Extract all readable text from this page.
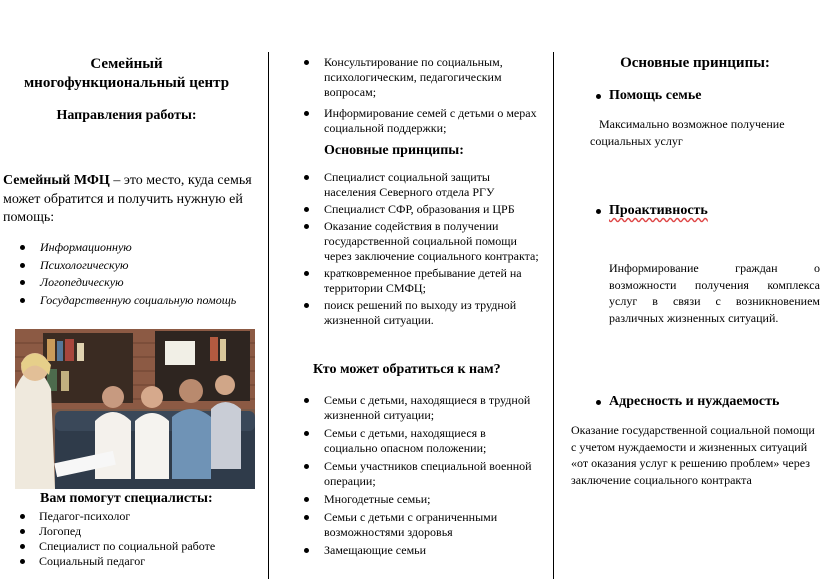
Семейный
многофункциональный центр
Направления работы:
Семейный МФЦ – это место, куда семья может обратится и получить нужную ей помощь:
Информационную
Психологическую
Логопедическую
Государственную социальную помощь
Вам помогут специалисты:
Педагог-психолог
Логопед
Специалист по социальной работе
Социальный педагог
Консультирование по социальным, психологическим, педагогическим вопросам;
Информирование семей с детьми о мерах социальной поддержки;
Основные принципы:
Специалист социальной защиты населения Северного отдела РГУ
Специалист СФР, образования и ЦРБ
Оказание содействия в получении государственной социальной помощи через заключение социального контракта;
кратковременное пребывание детей на территории СМФЦ;
поиск решений по выходу из трудной жизненной ситуации.
Кто может обратиться к нам?
Семьи с детьми, находящиеся в трудной жизненной ситуации;
Семьи с детьми, находящиеся в социально опасном положении;
Семьи участников специальной военной операции;
Многодетные семьи;
Семьи с детьми с ограниченными возможностями здоровья
Замещающие семьи
Основные принципы:
Помощь семье
Максимально возможное получение социальных услуг
Проактивность
Информирование граждан о возможности получения комплекса услуг в связи с возникновением различных жизненных ситуаций.
Адресность и нуждаемость
Оказание государственной социальной помощи с учетом нуждаемости и жизненных ситуаций «от оказания услуг к решению проблем» через заключение социального контракта
